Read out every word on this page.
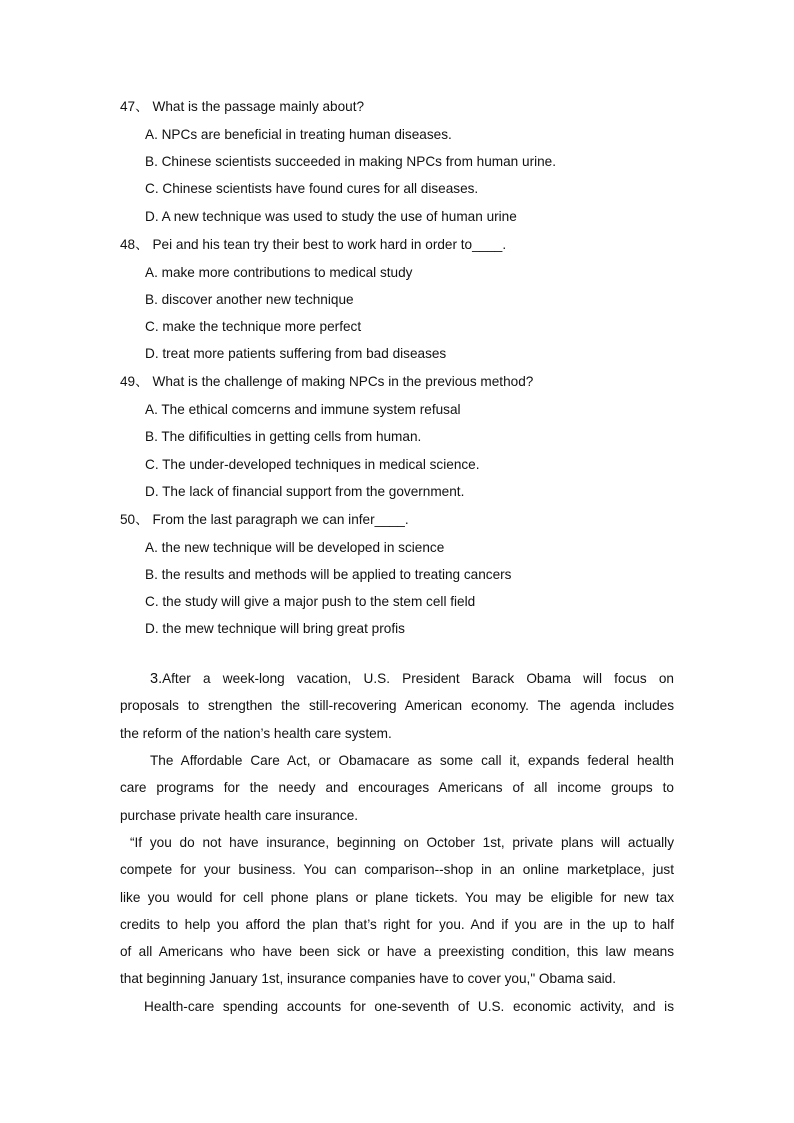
47、 What is the passage mainly about?
A. NPCs are beneficial in treating human diseases.
B. Chinese scientists succeeded in making NPCs from human urine.
C. Chinese scientists have found cures for all diseases.
D. A new technique was used to study the use of human urine
48、 Pei and his tean try their best to work hard in order to____.
A. make more contributions to medical study
B. discover another new technique
C. make the technique more perfect
D. treat more patients suffering from bad diseases
49、 What is the challenge of making NPCs in the previous method?
A. The ethical comcerns and immune system refusal
B. The difificulties in getting cells from human.
C. The under-developed techniques in medical science.
D. The lack of financial support from the government.
50、 From the last paragraph we can infer____.
A. the new technique will be developed in science
B. the results and methods will be applied to treating cancers
C. the study will give a major push to the stem cell field
D. the mew technique will bring great profis
3.After a week-long vacation, U.S. President Barack Obama will focus on
proposals to strengthen the still-recovering American economy. The agenda includes
the reform of the nation’s health care system.
The Affordable Care Act, or Obamacare as some call it, expands federal health
care programs for the needy and encourages Americans of all income groups to
purchase private health care insurance.
“If you do not have insurance, beginning on October 1st, private plans will actually
compete for your business. You can comparison--shop in an online marketplace, just
like you would for cell phone plans or plane tickets. You may be eligible for new tax
credits to help you afford the plan that’s right for you. And if you are in the up to half
of all Americans who have been sick or have a preexisting condition, this law means
that beginning January 1st, insurance companies have to cover you," Obama said.
Health-care spending accounts for one-seventh of U.S. economic activity, and is
